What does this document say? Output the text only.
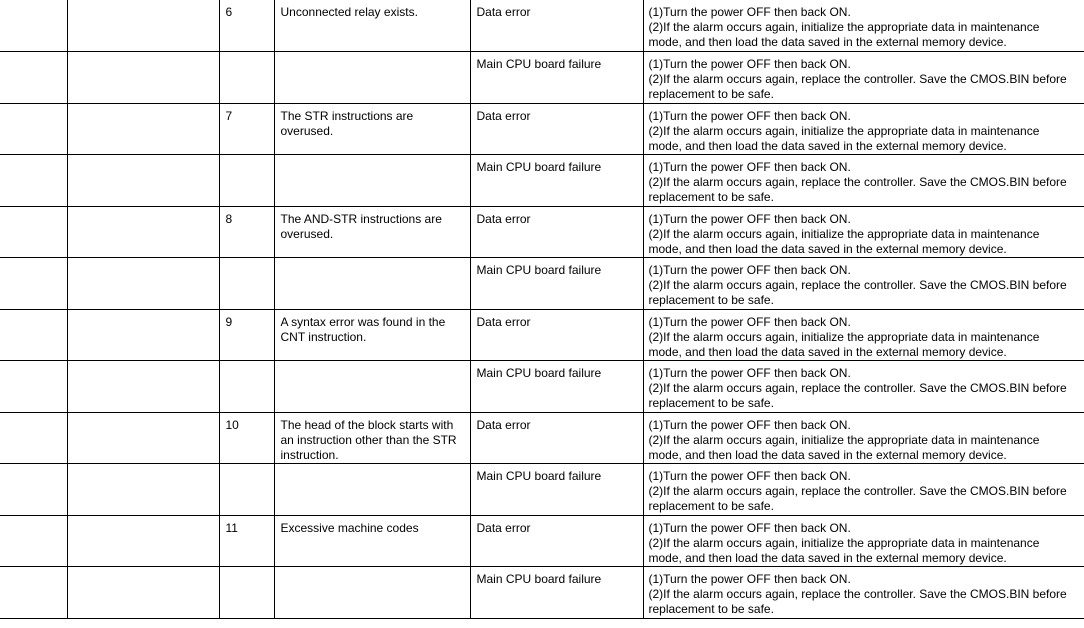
		6	Unconnected relay exists.	Data error	(1)Turn the power OFF then back ON.
(2)If the alarm occurs again, initialize the appropriate data in maintenance
mode, and then load the data saved in the external memory device.

				Main CPU board failure	(1)Turn the power OFF then back ON.
(2)If the alarm occurs again, replace the controller. Save the CMOS.BIN before
replacement to be safe.

		7	The STR instructions are
overused.	Data error	(1)Turn the power OFF then back ON.
(2)If the alarm occurs again, initialize the appropriate data in maintenance
mode, and then load the data saved in the external memory device.

				Main CPU board failure	(1)Turn the power OFF then back ON.
(2)If the alarm occurs again, replace the controller. Save the CMOS.BIN before
replacement to be safe.

		8	The AND-STR instructions are
overused.	Data error	(1)Turn the power OFF then back ON.
(2)If the alarm occurs again, initialize the appropriate data in maintenance
mode, and then load the data saved in the external memory device.

				Main CPU board failure	(1)Turn the power OFF then back ON.
(2)If the alarm occurs again, replace the controller. Save the CMOS.BIN before
replacement to be safe.

		9	A syntax error was found in the
CNT instruction.	Data error	(1)Turn the power OFF then back ON.
(2)If the alarm occurs again, initialize the appropriate data in maintenance
mode, and then load the data saved in the external memory device.

				Main CPU board failure	(1)Turn the power OFF then back ON.
(2)If the alarm occurs again, replace the controller. Save the CMOS.BIN before
replacement to be safe.

		10	The head of the block starts with
an instruction other than the STR
instruction.	Data error	(1)Turn the power OFF then back ON.
(2)If the alarm occurs again, initialize the appropriate data in maintenance
mode, and then load the data saved in the external memory device.

				Main CPU board failure	(1)Turn the power OFF then back ON.
(2)If the alarm occurs again, replace the controller. Save the CMOS.BIN before
replacement to be safe.

		11	Excessive machine codes	Data error	(1)Turn the power OFF then back ON.
(2)If the alarm occurs again, initialize the appropriate data in maintenance
mode, and then load the data saved in the external memory device.

				Main CPU board failure	(1)Turn the power OFF then back ON.
(2)If the alarm occurs again, replace the controller. Save the CMOS.BIN before
replacement to be safe.
